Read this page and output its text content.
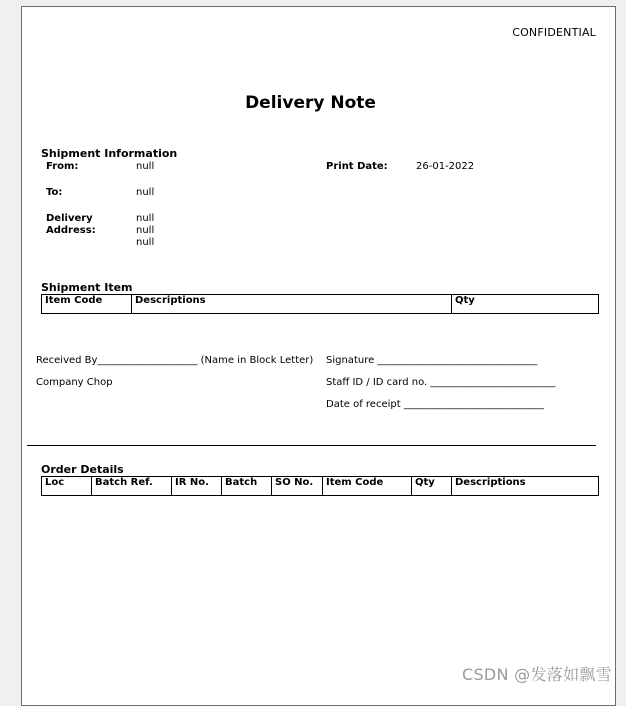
CONFIDENTIAL
Delivery Note
Shipment Information
From:	null	Print Date:	26-01-2022
To:	null
Delivery
Address:
null
null
null
Shipment Item
Item Code	Descriptions	Qty
Received By____________________ (Name in Block Letter) Signature ________________________________
Company Chop	Staff ID / ID card no. _________________________
Date of receipt ____________________________
Order Details
Loc	Batch Ref.	IR No.	Batch	SO No.	Item Code	Qty	Descriptions
CSDN @发落如飘雪
